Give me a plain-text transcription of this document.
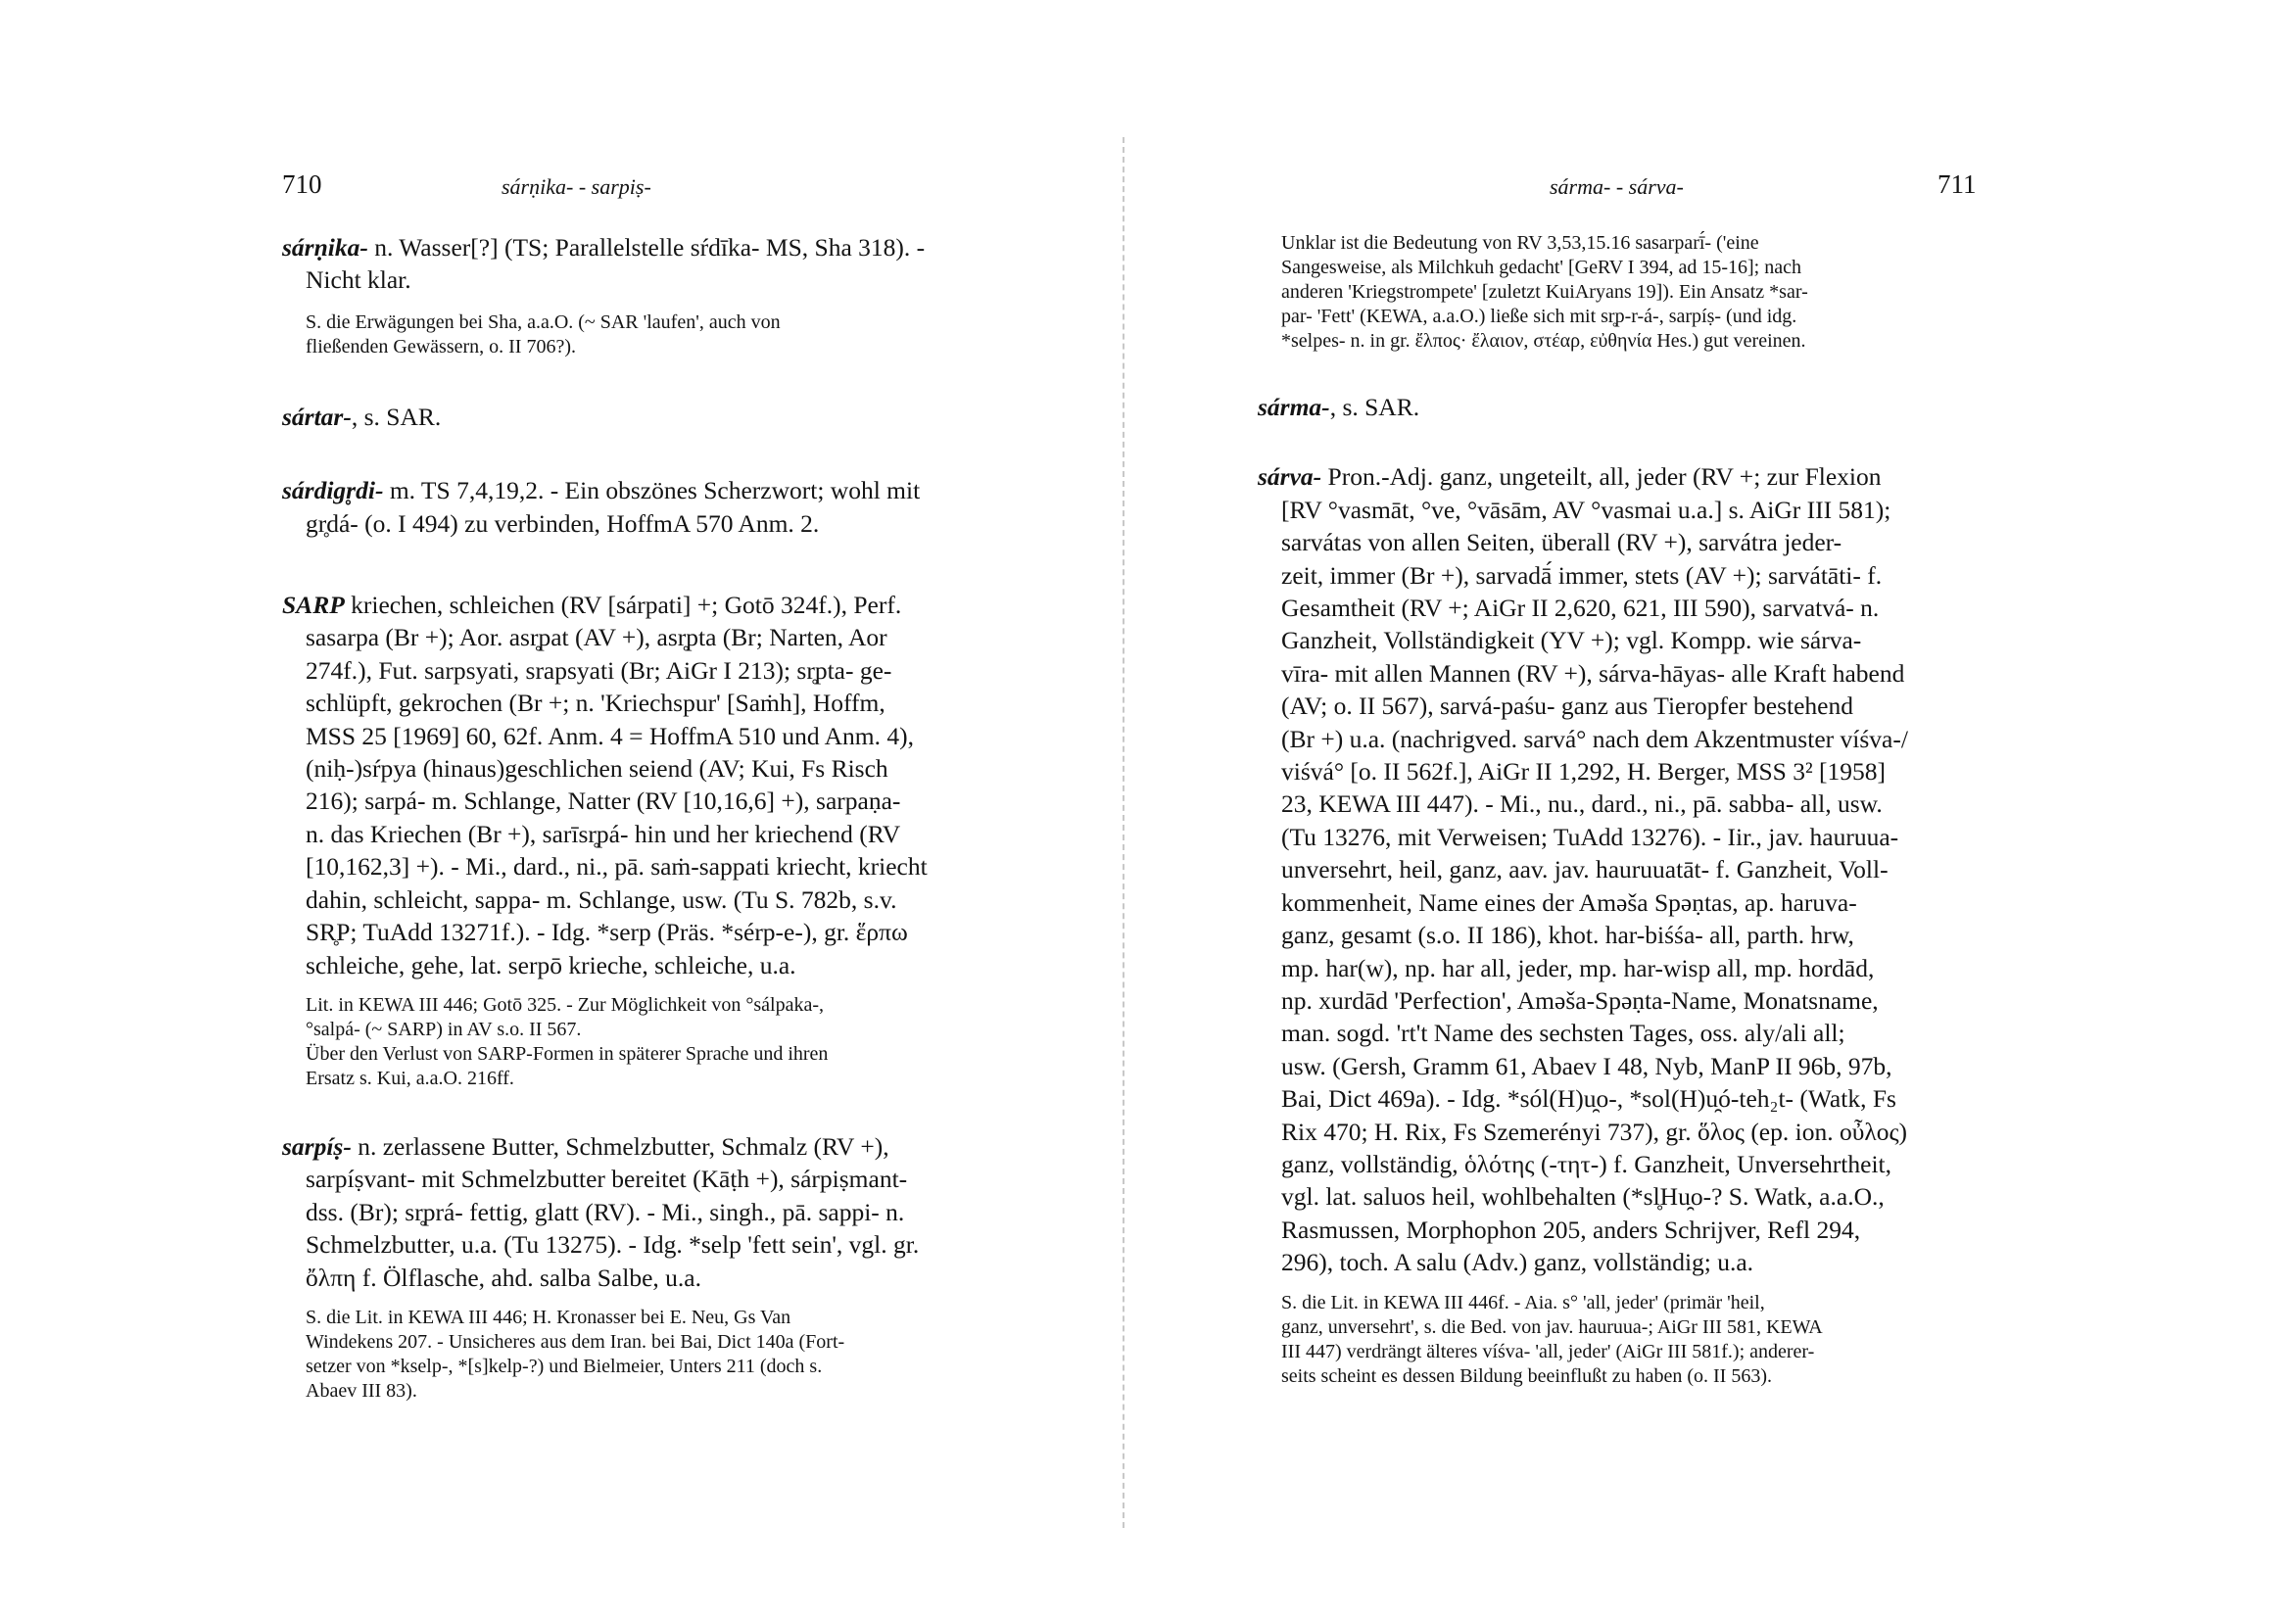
710	sárṇika- - sarpiṣ-

sárṇika- n. Wasser[?] (TS; Parallelstelle sŕdīka- MS, Sha 318). -
Nicht klar.

S. die Erwägungen bei Sha, a.a.O. (~ SAR 'laufen', auch von
fließenden Gewässern, o. II 706?).

sártar-, s. SAR.

sárdigr̥di- m. TS 7,4,19,2. - Ein obszönes Scherzwort; wohl mit
gr̥dá- (o. I 494) zu verbinden, HoffmA 570 Anm. 2.

SARP kriechen, schleichen (RV [sárpati] +; Gotō 324f.), Perf.
sasarpa (Br +); Aor. asr̥pat (AV +), asr̥pta (Br; Narten, Aor
274f.), Fut. sarpsyati, srapsyati (Br; AiGr I 213); sr̥pta- ge-
schlüpft, gekrochen (Br +; n. 'Kriechspur' [Saṁh], Hoffm,
MSS 25 [1969] 60, 62f. Anm. 4 = HoffmA 510 und Anm. 4),
(niḥ-)sŕpya (hinaus)geschlichen seiend (AV; Kui, Fs Risch
216); sarpá- m. Schlange, Natter (RV [10,16,6] +), sarpaṇa-
n. das Kriechen (Br +), sarīsr̥pá- hin und her kriechend (RV
[10,162,3] +). - Mi., dard., ni., pā. saṁ-sappati kriecht, kriecht
dahin, schleicht, sappa- m. Schlange, usw. (Tu S. 782b, s.v.
SR̥P; TuAdd 13271f.). - Idg. *serp (Präs. *sérp-e-), gr. ἕρπω
schleiche, gehe, lat. serpō krieche, schleiche, u.a.

Lit. in KEWA III 446; Gotō 325. - Zur Möglichkeit von °sálpaka-,
°salpá- (~ SARP) in AV s.o. II 567.
Über den Verlust von SARP-Formen in späterer Sprache und ihren
Ersatz s. Kui, a.a.O. 216ff.

sarpíṣ- n. zerlassene Butter, Schmelzbutter, Schmalz (RV +),
sarpíṣvant- mit Schmelzbutter bereitet (Kāṭh +), sárpiṣmant-
dss. (Br); sr̥prá- fettig, glatt (RV). - Mi., singh., pā. sappi- n.
Schmelzbutter, u.a. (Tu 13275). - Idg. *selp 'fett sein', vgl. gr.
ὄλπη f. Ölflasche, ahd. salba Salbe, u.a.

S. die Lit. in KEWA III 446; H. Kronasser bei E. Neu, Gs Van
Windekens 207. - Unsicheres aus dem Iran. bei Bai, Dict 140a (Fort-
setzer von *kselp-, *[s]kelp-?) und Bielmeier, Unters 211 (doch s.
Abaev III 83).

sárma- - sárva-	711

Unklar ist die Bedeutung von RV 3,53,15.16 sasarparī́- ('eine
Sangesweise, als Milchkuh gedacht' [GeRV I 394, ad 15-16]; nach
anderen 'Kriegstrompete' [zuletzt KuiAryans 19]). Ein Ansatz *sar-
par- 'Fett' (KEWA, a.a.O.) ließe sich mit sr̥p-r-á-, sarpíṣ- (und idg.
*selpes- n. in gr. ἔλπος· ἔλαιον, στέαρ, εὐθηνία Hes.) gut vereinen.

sárma-, s. SAR.

sárva- Pron.-Adj. ganz, ungeteilt, all, jeder (RV +; zur Flexion
[RV °vasmāt, °ve, °vāsām, AV °vasmai u.a.] s. AiGr III 581);
sarvátas von allen Seiten, überall (RV +), sarvátra jeder-
zeit, immer (Br +), sarvadā́ immer, stets (AV +); sarvátāti- f.
Gesamtheit (RV +; AiGr II 2,620, 621, III 590), sarvatvá- n.
Ganzheit, Vollständigkeit (YV +); vgl. Kompp. wie sárva-
vīra- mit allen Mannen (RV +), sárva-hāyas- alle Kraft habend
(AV; o. II 567), sarvá-paśu- ganz aus Tieropfer bestehend
(Br +) u.a. (nachrigved. sarvá° nach dem Akzentmuster víśva-/
viśvá° [o. II 562f.], AiGr II 1,292, H. Berger, MSS 3² [1958]
23, KEWA III 447). - Mi., nu., dard., ni., pā. sabba- all, usw.
(Tu 13276, mit Verweisen; TuAdd 13276). - Iir., jav. hauruua-
unversehrt, heil, ganz, aav. jav. hauruuatāt- f. Ganzheit, Voll-
kommenheit, Name eines der Aməša Spəṇtas, ap. haruva-
ganz, gesamt (s.o. II 186), khot. har-biśśa- all, parth. hrw,
mp. har(w), np. har all, jeder, mp. har-wisp all, mp. hordād,
np. xurdād 'Perfection', Aməša-Spəṇta-Name, Monatsname,
man. sogd. 'rt't Name des sechsten Tages, oss. aly/ali all;
usw. (Gersh, Gramm 61, Abaev I 48, Nyb, ManP II 96b, 97b,
Bai, Dict 469a). - Idg. *sól(H)u̯o-, *sol(H)u̯ó-teh₂t- (Watk, Fs
Rix 470; H. Rix, Fs Szemerényi 737), gr. ὅλος (ep. ion. οὖλος)
ganz, vollständig, ὁλότης (-τητ-) f. Ganzheit, Unversehrtheit,
vgl. lat. saluos heil, wohlbehalten (*sl̥Hu̯o-? S. Watk, a.a.O.,
Rasmussen, Morphophon 205, anders Schrijver, Refl 294,
296), toch. A salu (Adv.) ganz, vollständig; u.a.

S. die Lit. in KEWA III 446f. - Aia. s° 'all, jeder' (primär 'heil,
ganz, unversehrt', s. die Bed. von jav. hauruua-; AiGr III 581, KEWA
III 447) verdrängt älteres víśva- 'all, jeder' (AiGr III 581f.); anderer-
seits scheint es dessen Bildung beeinflußt zu haben (o. II 563).
